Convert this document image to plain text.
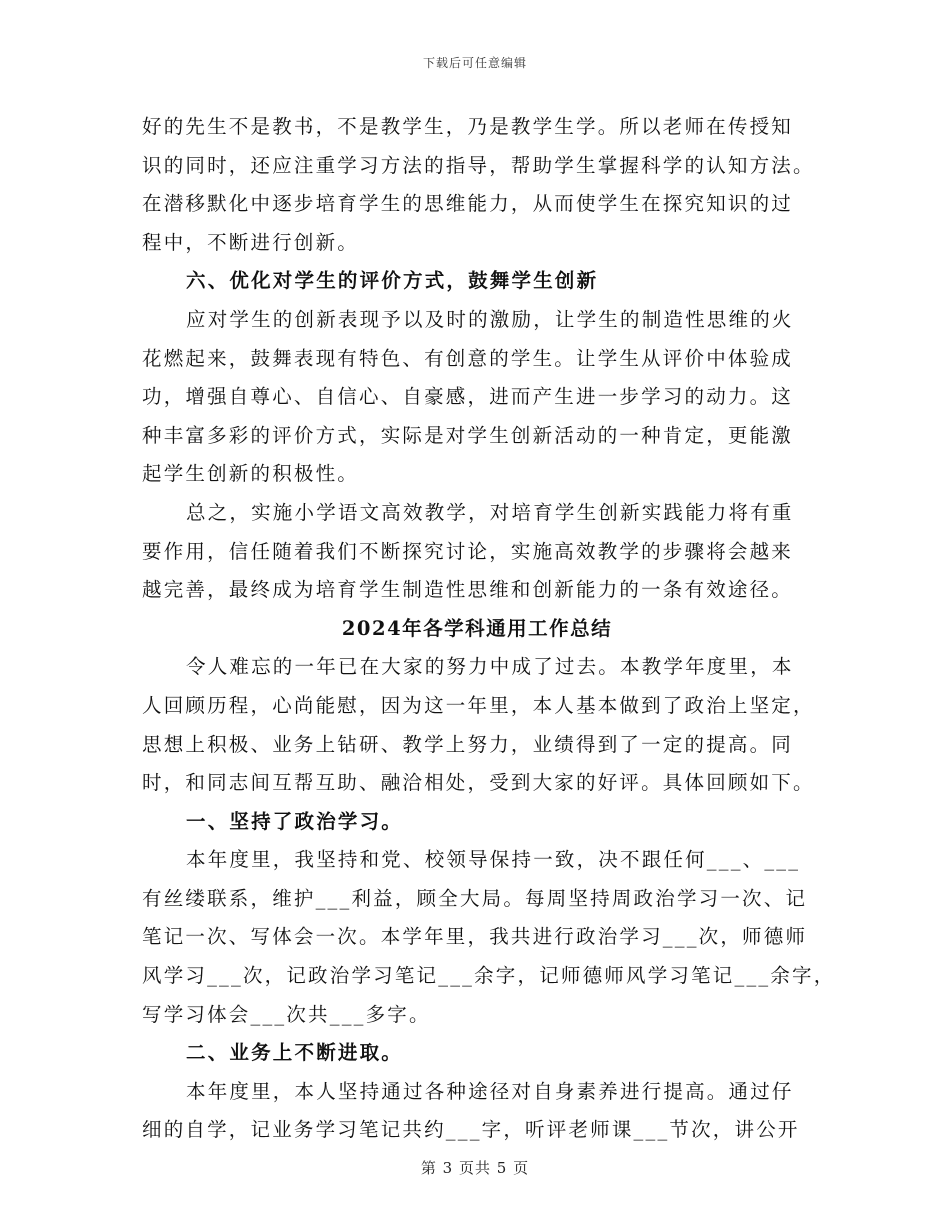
下载后可任意编辑
好的先生不是教书，不是教学生，乃是教学生学。所以老师在传授知
识的同时，还应注重学习方法的指导，帮助学生掌握科学的认知方法。
在潜移默化中逐步培育学生的思维能力，从而使学生在探究知识的过
程中，不断进行创新。
六、优化对学生的评价方式，鼓舞学生创新
应对学生的创新表现予以及时的激励，让学生的制造性思维的火
花燃起来，鼓舞表现有特色、有创意的学生。让学生从评价中体验成
功，增强自尊心、自信心、自豪感，进而产生进一步学习的动力。这
种丰富多彩的评价方式，实际是对学生创新活动的一种肯定，更能激
起学生创新的积极性。
总之，实施小学语文高效教学，对培育学生创新实践能力将有重
要作用，信任随着我们不断探究讨论，实施高效教学的步骤将会越来
越完善，最终成为培育学生制造性思维和创新能力的一条有效途径。
2024年各学科通用工作总结
令人难忘的一年已在大家的努力中成了过去。本教学年度里，本
人回顾历程，心尚能慰，因为这一年里，本人基本做到了政治上坚定，
思想上积极、业务上钻研、教学上努力，业绩得到了一定的提高。同
时，和同志间互帮互助、融洽相处，受到大家的好评。具体回顾如下。
一、坚持了政治学习。
本年度里，我坚持和党、校领导保持一致，决不跟任何___、___
有丝缕联系，维护___利益，顾全大局。每周坚持周政治学习一次、记
笔记一次、写体会一次。本学年里，我共进行政治学习___次，师德师
风学习___次，记政治学习笔记___余字，记师德师风学习笔记___余字，
写学习体会___次共___多字。
二、业务上不断进取。
本年度里，本人坚持通过各种途径对自身素养进行提高。通过仔
细的自学，记业务学习笔记共约___字，听评老师课___节次，讲公开
第 3 页共 5 页
